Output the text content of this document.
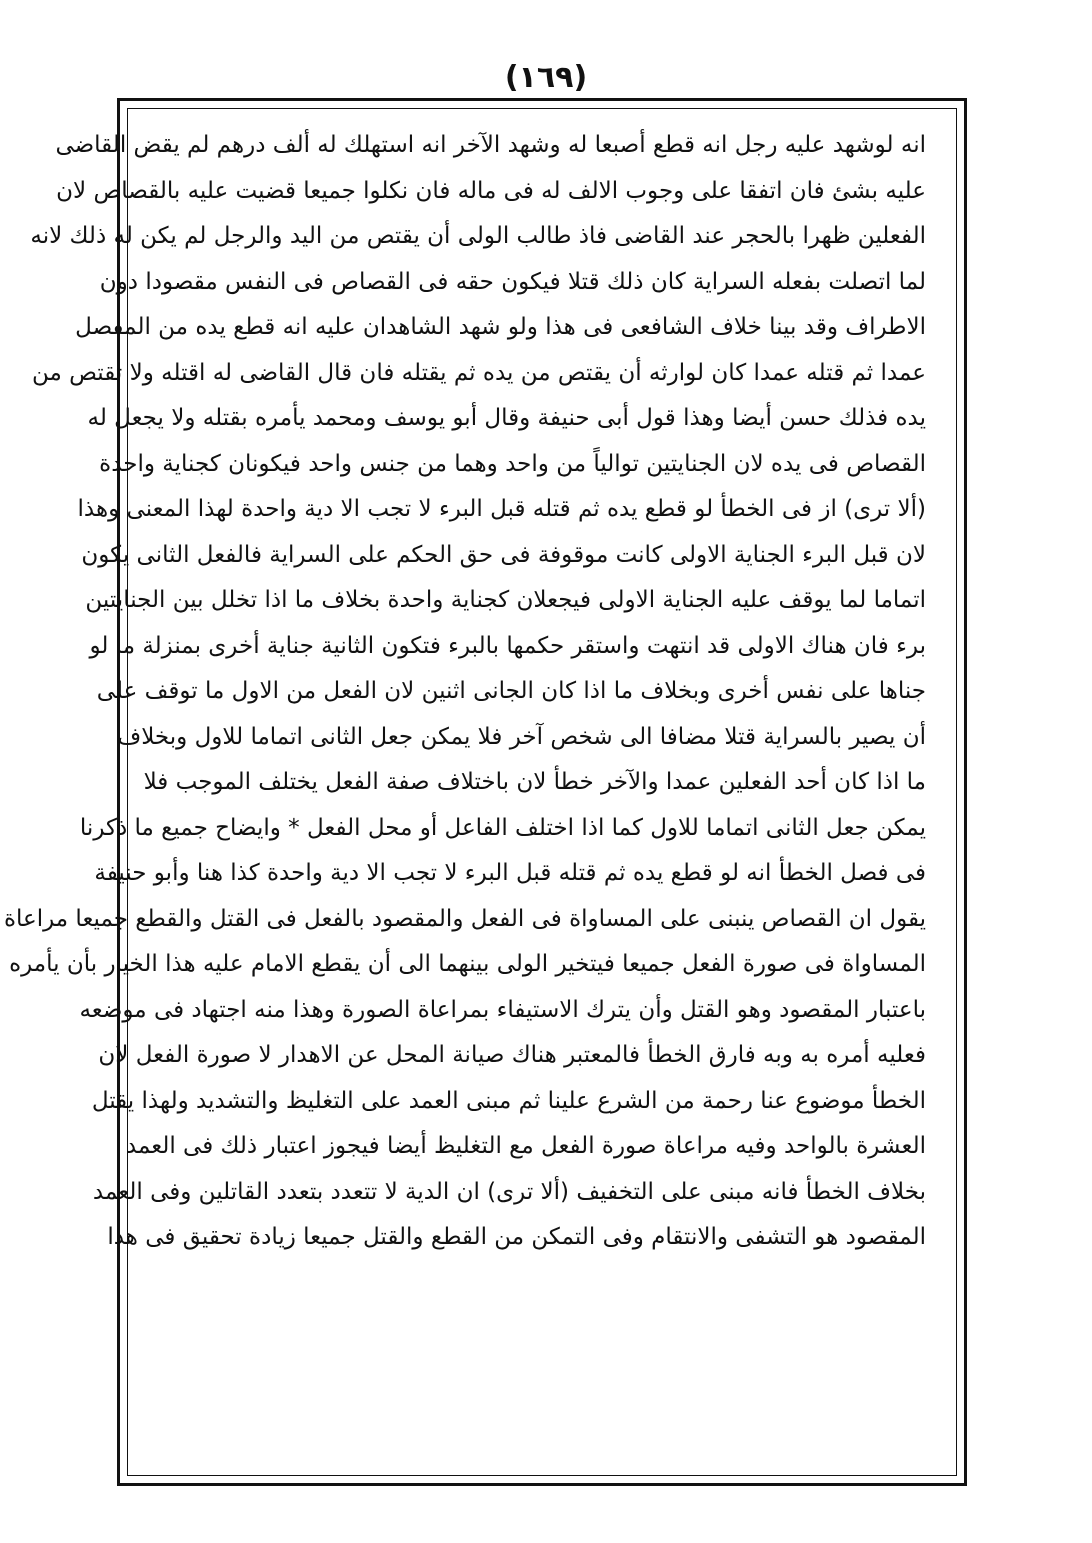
(١٦٩)
انه لوشهد عليه رجل انه قطع أصبعا له وشهد الآخر انه استهلك له ألف درهم لم يقض القاضى
عليه بشئ فان اتفقا على وجوب الالف له فى ماله فان نكلوا جميعا قضيت عليه بالقصاص لان
الفعلين ظهرا بالحجر عند القاضى فاذ طالب الولى أن يقتص من اليد والرجل لم يكن له ذلك لانه
لما اتصلت بفعله السراية كان ذلك قتلا فيكون حقه فى القصاص فى النفس مقصودا دون
الاطراف وقد بينا خلاف الشافعى فى هذا ولو شهد الشاهدان عليه انه قطع يده من المفصل
عمدا ثم قتله عمدا كان لوارثه أن يقتص من يده ثم يقتله فان قال القاضى له اقتله ولا تقتص من
يده فذلك حسن أيضا وهذا قول أبى حنيفة وقال أبو يوسف ومحمد يأمره بقتله ولا يجعل له
القصاص فى يده لان الجنايتين توالياً من واحد وهما من جنس واحد فيكونان كجناية واحدة
(ألا ترى) از فى الخطأ لو قطع يده ثم قتله قبل البرء لا تجب الا دية واحدة لهذا المعنى وهذا
لان قبل البرء الجناية الاولى كانت موقوفة فى حق الحكم على السراية فالفعل الثانى يكون
اتماما لما يوقف عليه الجناية الاولى فيجعلان كجناية واحدة بخلاف ما اذا تخلل بين الجنايتين
برء فان هناك الاولى قد انتهت واستقر حكمها بالبرء فتكون الثانية جناية أخرى بمنزلة ما لو
جناها على نفس أخرى وبخلاف ما اذا كان الجانى اثنين لان الفعل من الاول ما توقف على
أن يصير بالسراية قتلا مضافا الى شخص آخر فلا يمكن جعل الثانى اتماما للاول وبخلاف
ما اذا كان أحد الفعلين عمدا والآخر خطأ لان باختلاف صفة الفعل يختلف الموجب فلا
يمكن جعل الثانى اتماما للاول كما اذا اختلف الفاعل أو محل الفعل * وايضاح جميع ما ذكرنا
فى فصل الخطأ انه لو قطع يده ثم قتله قبل البرء لا تجب الا دية واحدة كذا هنا وأبو حنيفة
يقول ان القصاص ينبنى على المساواة فى الفعل والمقصود بالفعل فى القتل والقطع جميعا مراعاة
المساواة فى صورة الفعل جميعا فيتخير الولى بينهما الى أن يقطع الامام عليه هذا الخيار بأن يأمره
باعتبار المقصود وهو القتل وأن يترك الاستيفاء بمراعاة الصورة وهذا منه اجتهاد فى موضعه
فعليه أمره به وبه فارق الخطأ فالمعتبر هناك صيانة المحل عن الاهدار لا صورة الفعل لان
الخطأ موضوع عنا رحمة من الشرع علينا ثم مبنى العمد على التغليظ والتشديد ولهذا يقتل
العشرة بالواحد وفيه مراعاة صورة الفعل مع التغليظ أيضا فيجوز اعتبار ذلك فى العمد
بخلاف الخطأ فانه مبنى على التخفيف (ألا ترى) ان الدية لا تتعدد بتعدد القاتلين وفى العمد
المقصود هو التشفى والانتقام وفى التمكن من القطع والقتل جميعا زيادة تحقيق فى هذا
